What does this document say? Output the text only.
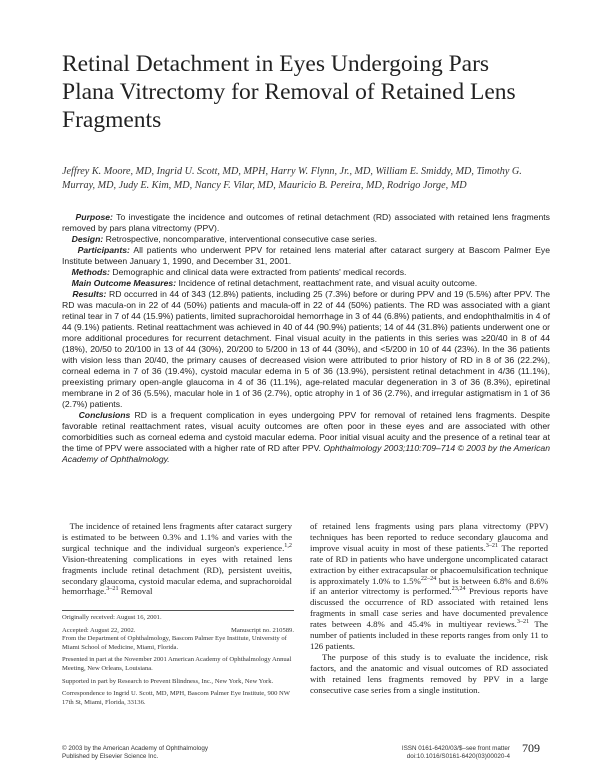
Retinal Detachment in Eyes Undergoing Pars Plana Vitrectomy for Removal of Retained Lens Fragments
Jeffrey K. Moore, MD, Ingrid U. Scott, MD, MPH, Harry W. Flynn, Jr., MD, William E. Smiddy, MD, Timothy G. Murray, MD, Judy E. Kim, MD, Nancy F. Vilar, MD, Mauricio B. Pereira, MD, Rodrigo Jorge, MD

Purpose: To investigate the incidence and outcomes of retinal detachment (RD) associated with retained lens fragments removed by pars plana vitrectomy (PPV).

Design: Retrospective, noncomparative, interventional consecutive case series.

Participants: All patients who underwent PPV for retained lens material after cataract surgery at Bascom Palmer Eye Institute between January 1, 1990, and December 31, 2001.

Methods: Demographic and clinical data were extracted from patients' medical records.

Main Outcome Measures: Incidence of retinal detachment, reattachment rate, and visual acuity outcome.

Results: RD occurred in 44 of 343 (12.8%) patients, including 25 (7.3%) before or during PPV and 19 (5.5%) after PPV. The RD was macula-on in 22 of 44 (50%) patients and macula-off in 22 of 44 (50%) patients. The RD was associated with a giant retinal tear in 7 of 44 (15.9%) patients, limited suprachoroidal hemorrhage in 3 of 44 (6.8%) patients, and endophthalmitis in 4 of 44 (9.1%) patients. Retinal reattachment was achieved in 40 of 44 (90.9%) patients; 14 of 44 (31.8%) patients underwent one or more additional procedures for recurrent detachment. Final visual acuity in the patients in this series was ≥20/40 in 8 of 44 (18%), 20/50 to 20/100 in 13 of 44 (30%), 20/200 to 5/200 in 13 of 44 (30%), and <5/200 in 10 of 44 (23%). In the 36 patients with vision less than 20/40, the primary causes of decreased vision were attributed to prior history of RD in 8 of 36 (22.2%), corneal edema in 7 of 36 (19.4%), cystoid macular edema in 5 of 36 (13.9%), persistent retinal detachment in 4/36 (11.1%), preexisting primary open-angle glaucoma in 4 of 36 (11.1%), age-related macular degeneration in 3 of 36 (8.3%), epiretinal membrane in 2 of 36 (5.5%), macular hole in 1 of 36 (2.7%), optic atrophy in 1 of 36 (2.7%), and irregular astigmatism in 1 of 36 (2.7%) patients.

Conclusions RD is a frequent complication in eyes undergoing PPV for removal of retained lens fragments. Despite favorable retinal reattachment rates, visual acuity outcomes are often poor in these eyes and are associated with other comorbidities such as corneal edema and cystoid macular edema. Poor initial visual acuity and the presence of a retinal tear at the time of PPV were associated with a higher rate of RD after PPV. Ophthalmology 2003;110:709–714 © 2003 by the American Academy of Ophthalmology.

The incidence of retained lens fragments after cataract surgery is estimated to be between 0.3% and 1.1% and varies with the surgical technique and the individual surgeon's experience.$^{1,2}$ Vision-threatening complications in eyes with retained lens fragments include retinal detachment (RD), persistent uveitis, secondary glaucoma, cystoid macular edema, and suprachoroidal hemorrhage.$^{3-21}$ Removal

of retained lens fragments using pars plana vitrectomy (PPV) techniques has been reported to reduce secondary glaucoma and improve visual acuity in most of these patients.$^{3-21}$ The reported rate of RD in patients who have undergone uncomplicated cataract extraction by either extracapsular or phacoemulsification technique is approximately 1.0% to 1.5%$^{22-24}$ but is between 6.8% and 8.6% if an anterior vitrectomy is performed.$^{23,24}$ Previous reports have discussed the occurrence of RD associated with retained lens fragments in small case series and have documented prevalence rates between 4.8% and 45.4% in multiyear reviews.$^{3-21}$ The number of patients included in these reports ranges from only 11 to 126 patients.

The purpose of this study is to evaluate the incidence, risk factors, and the anatomic and visual outcomes of RD associated with retained lens fragments removed by PPV in a large consecutive case series from a single institution.

Originally received: August 16, 2001.

Accepted: August 22, 2002.	Manuscript no. 210589.

From the Department of Ophthalmology, Bascom Palmer Eye Institute, University of Miami School of Medicine, Miami, Florida.

Presented in part at the November 2001 American Academy of Ophthalmology Annual Meeting, New Orleans, Louisiana.

Supported in part by Research to Prevent Blindness, Inc., New York, New York.

Correspondence to Ingrid U. Scott, MD, MPH, Bascom Palmer Eye Institute, 900 NW 17th St, Miami, Florida, 33136.

© 2003 by the American Academy of Ophthalmology
Published by Elsevier Science Inc.
ISSN 0161-6420/03/$–see front matter
doi:10.1016/S0161-6420(03)00020-4
709
